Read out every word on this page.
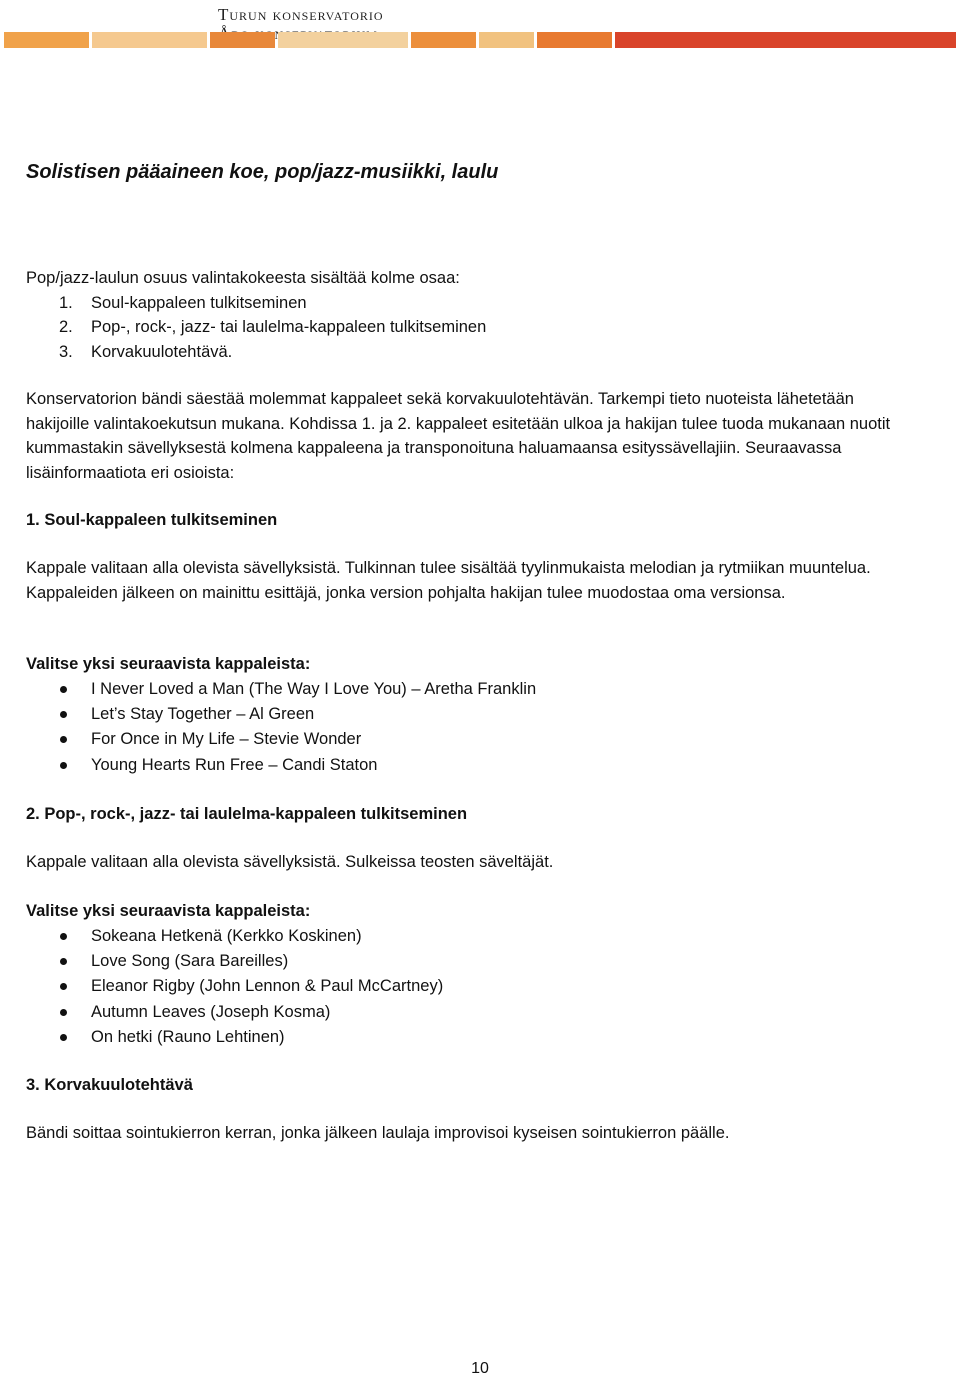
Turun konservatorio
Solistisen pääaineen koe, pop/jazz-musiikki, laulu
Pop/jazz-laulun osuus valintakokeesta sisältää kolme osaa:
1. Soul-kappaleen tulkitseminen
2. Pop-, rock-, jazz- tai laulelma-kappaleen tulkitseminen
3. Korvakuulotehtävä.
Konservatorion bändi säestää molemmat kappaleet sekä korvakuulotehtävän. Tarkempi tieto nuoteista lähetetään hakijoille valintakoekutsun mukana. Kohdissa 1. ja 2. kappaleet esitetään ulkoa ja hakijan tulee tuoda mukanaan nuotit kummastakin sävellyksestä kolmena kappaleena ja transponoituna haluamaansa esityssävellajiin. Seuraavassa lisäinformaatiota eri osioista:
1. Soul-kappaleen tulkitseminen
Kappale valitaan alla olevista sävellyksistä. Tulkinnan tulee sisältää tyylinmukaista melodian ja rytmiikan muuntelua. Kappaleiden jälkeen on mainittu esittäjä, jonka version pohjalta hakijan tulee muodostaa oma versionsa.
Valitse yksi seuraavista kappaleista:
I Never Loved a Man (The Way I Love You) – Aretha Franklin
Let’s Stay Together – Al Green
For Once in My Life – Stevie Wonder
Young Hearts Run Free – Candi Staton
2. Pop-, rock-, jazz- tai laulelma-kappaleen tulkitseminen
Kappale valitaan alla olevista sävellyksistä. Sulkeissa teosten säveltäjät.
Valitse yksi seuraavista kappaleista:
Sokeana Hetkenä (Kerkko Koskinen)
Love Song (Sara Bareilles)
Eleanor Rigby (John Lennon & Paul McCartney)
Autumn Leaves (Joseph Kosma)
On hetki (Rauno Lehtinen)
3. Korvakuulotehtävä
Bändi soittaa sointukierron kerran, jonka jälkeen laulaja improvisoi kyseisen sointukierron päälle.
10
